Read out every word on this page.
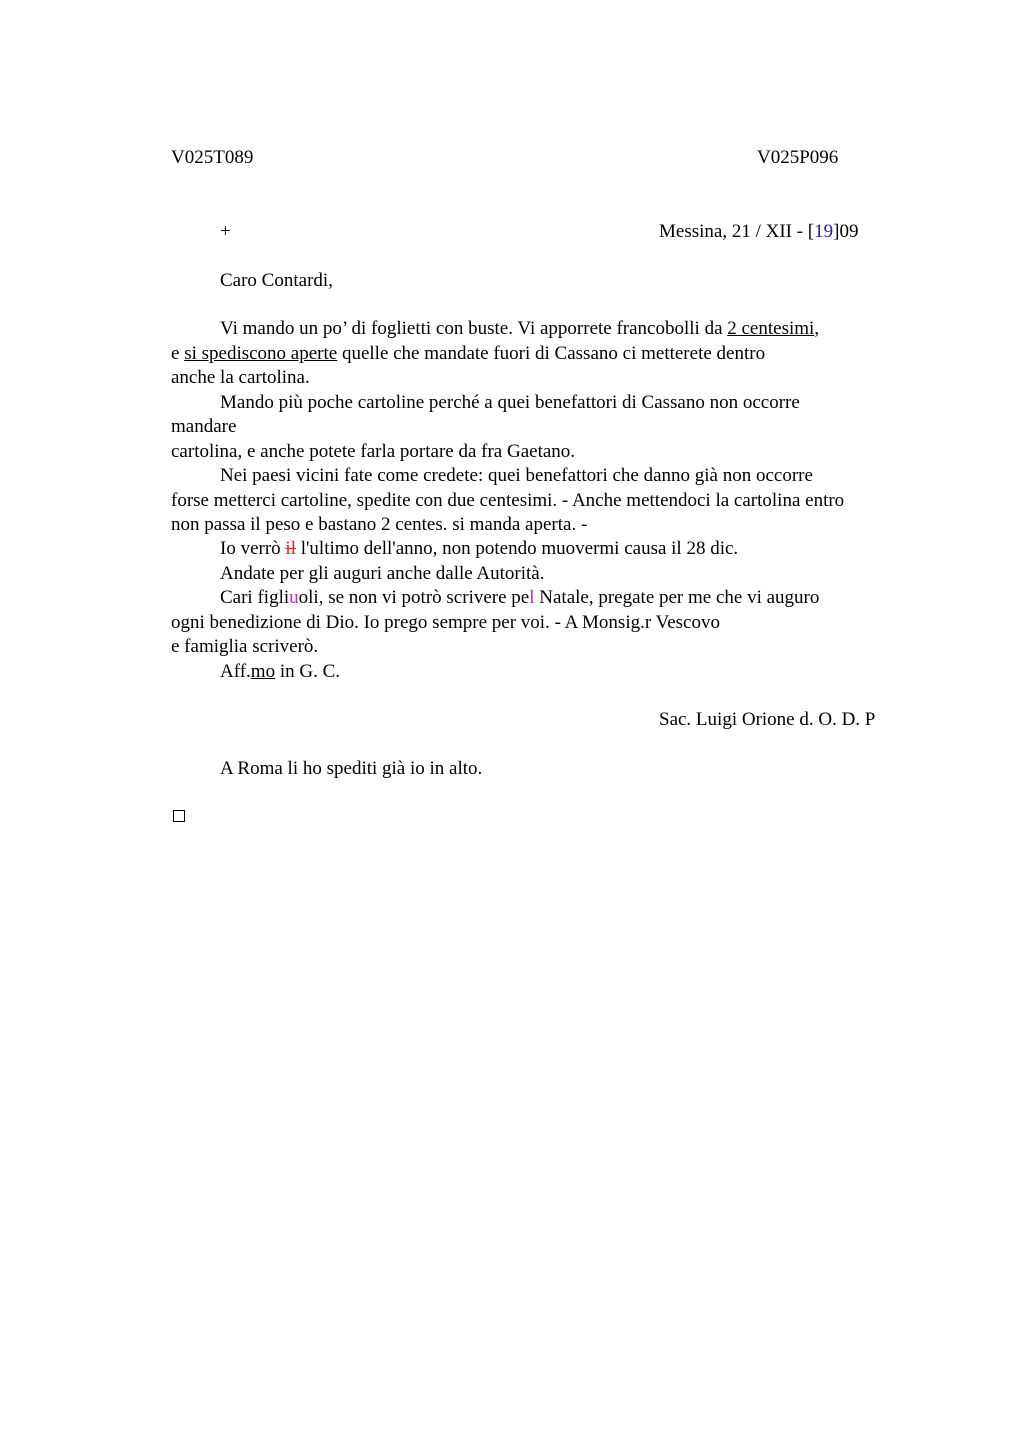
V025T089	V025P096
+	Messina, 21 / XII - [19]09
Caro Contardi,
Vi mando un po’ di foglietti con buste. Vi apporrete francobolli da 2 centesimi,
e si spediscono aperte quelle che mandate fuori di Cassano ci metterete dentro
anche la cartolina.
Mando più poche cartoline perché a quei benefattori di Cassano non occorre
mandare
cartolina, e anche potete farla portare da fra Gaetano.
Nei paesi vicini fate come credete: quei benefattori che danno già non occorre
forse metterci cartoline, spedite con due centesimi. - Anche mettendoci la cartolina entro
non passa il peso e bastano 2 centes. si manda aperta. -
Io verrò il l'ultimo dell'anno, non potendo muovermi causa il 28 dic.
Andate per gli auguri anche dalle Autorità.
Cari figliuoli, se non vi potrò scrivere pel Natale, pregate per me che vi auguro
ogni benedizione di Dio. Io prego sempre per voi. - A Monsig.r Vescovo
e famiglia scriverò.
Aff.mo in G. C.
Sac. Luigi Orione d. O. D. P
A Roma li ho spediti già io in alto.
